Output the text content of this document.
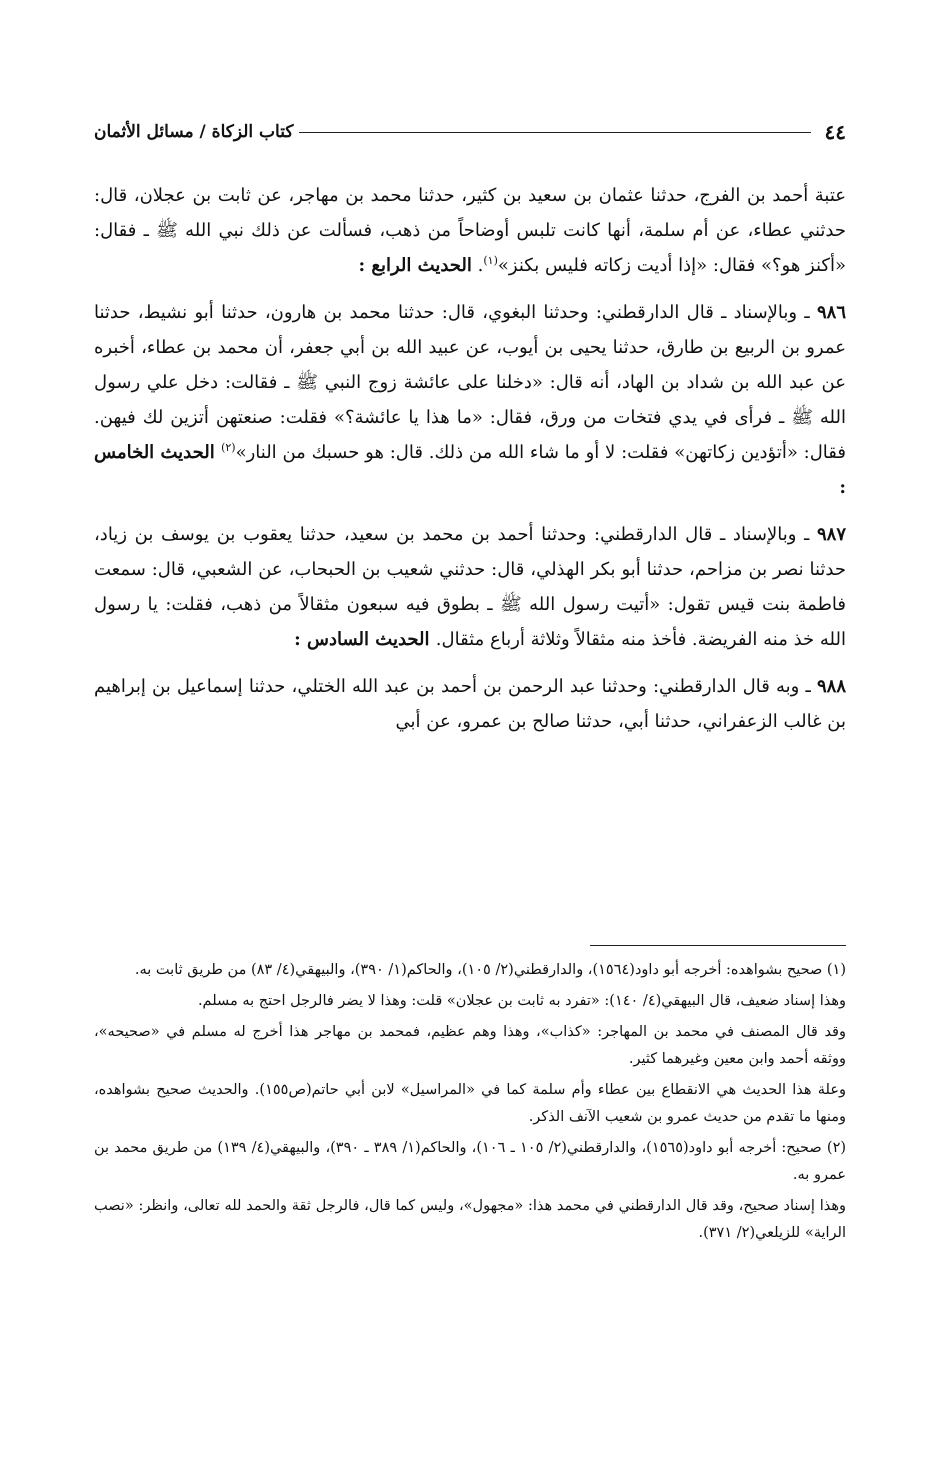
٤٤
كتاب الزكاة / مسائل الأثمان

عتبة أحمد بن الفرج، حدثنا عثمان بن سعيد بن كثير، حدثنا محمد بن مهاجر، عن ثابت بن عجلان، قال: حدثني عطاء، عن أم سلمة، أنها كانت تلبس أوضاحاً من ذهب، فسألت عن ذلك نبي الله ﷺ ـ فقال: «أكنز هو؟» فقال: «إذا أديت زكاته فليس بكنز»$^{(١)}$. الحديث الرابع :

٩٨٦ ـ وبالإسناد ـ قال الدارقطني: وحدثنا البغوي، قال: حدثنا محمد بن هارون، حدثنا أبو نشيط، حدثنا عمرو بن الربيع بن طارق، حدثنا يحيى بن أيوب، عن عبيد الله بن أبي جعفر، أن محمد بن عطاء، أخبره عن عبد الله بن شداد بن الهاد، أنه قال: «دخلنا على عائشة زوج النبي ﷺ ـ فقالت: دخل علي رسول الله ﷺ ـ فرأى في يدي فتخات من ورق، فقال: «ما هذا يا عائشة؟» فقلت: صنعتهن أتزين لك فيهن. فقال: «أتؤدين زكاتهن» فقلت: لا أو ما شاء الله من ذلك. قال: هو حسبك من النار»$^{(٢)}$ الحديث الخامس :

٩٨٧ ـ وبالإسناد ـ قال الدارقطني: وحدثنا أحمد بن محمد بن سعيد، حدثنا يعقوب بن يوسف بن زياد، حدثنا نصر بن مزاحم، حدثنا أبو بكر الهذلي، قال: حدثني شعيب بن الحبحاب، عن الشعبي، قال: سمعت فاطمة بنت قيس تقول: «أتيت رسول الله ﷺ ـ بطوق فيه سبعون مثقالاً من ذهب، فقلت: يا رسول الله خذ منه الفريضة. فأخذ منه مثقالاً وثلاثة أرباع مثقال. الحديث السادس :

٩٨٨ ـ وبه قال الدارقطني: وحدثنا عبد الرحمن بن أحمد بن عبد الله الختلي، حدثنا إسماعيل بن إبراهيم بن غالب الزعفراني، حدثنا أبي، حدثنا صالح بن عمرو، عن أبي

(١) صحيح بشواهده: أخرجه أبو داود(١٥٦٤)، والدارقطني(٢/ ١٠٥)، والحاكم(١/ ٣٩٠)، والبيهقي(٤/ ٨٣) من طريق ثابت به.

وهذا إسناد ضعيف، قال البيهقي(٤/ ١٤٠): «تفرد به ثابت بن عجلان» قلت: وهذا لا يضر فالرجل احتج به مسلم.

وقد قال المصنف في محمد بن المهاجر: «كذاب»، وهذا وهم عظيم، فمحمد بن مهاجر هذا أخرج له مسلم في «صحيحه»، ووثقه أحمد وابن معين وغيرهما كثير.

وعلة هذا الحديث هي الانقطاع بين عطاء وأم سلمة كما في «المراسيل» لابن أبي حاتم(ص١٥٥). والحديث صحيح بشواهده، ومنها ما تقدم من حديث عمرو بن شعيب الآنف الذكر.

(٢) صحيح: أخرجه أبو داود(١٥٦٥)، والدارقطني(٢/ ١٠٥ ـ ١٠٦)، والحاكم(١/ ٣٨٩ ـ ٣٩٠)، والبيهقي(٤/ ١٣٩) من طريق محمد بن عمرو به.

وهذا إسناد صحيح، وقد قال الدارقطني في محمد هذا: «مجهول»، وليس كما قال، فالرجل ثقة والحمد لله تعالى، وانظر: «نصب الراية» للزيلعي(٢/ ٣٧١).
